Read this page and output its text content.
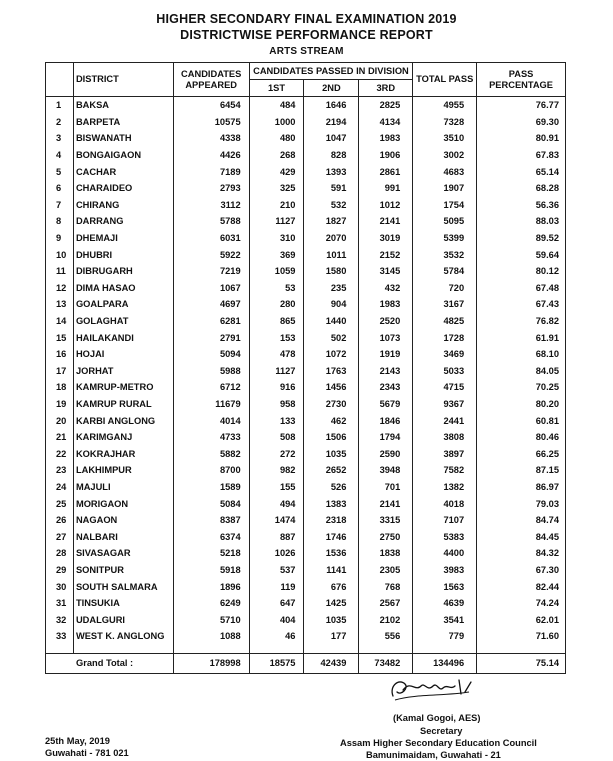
HIGHER SECONDARY FINAL EXAMINATION 2019
DISTRICTWISE PERFORMANCE REPORT
ARTS STREAM
	DISTRICT	CANDIDATES APPEARED	CANDIDATES PASSED IN DIVISION			TOTAL PASS	PASS PERCENTAGE
			1ST	2ND	3RD		
1	BAKSA	6454	484	1646	2825	4955	76.77
2	BARPETA	10575	1000	2194	4134	7328	69.30
3	BISWANATH	4338	480	1047	1983	3510	80.91
4	BONGAIGAON	4426	268	828	1906	3002	67.83
5	CACHAR	7189	429	1393	2861	4683	65.14
6	CHARAIDEO	2793	325	591	991	1907	68.28
7	CHIRANG	3112	210	532	1012	1754	56.36
8	DARRANG	5788	1127	1827	2141	5095	88.03
9	DHEMAJI	6031	310	2070	3019	5399	89.52
10	DHUBRI	5922	369	1011	2152	3532	59.64
11	DIBRUGARH	7219	1059	1580	3145	5784	80.12
12	DIMA HASAO	1067	53	235	432	720	67.48
13	GOALPARA	4697	280	904	1983	3167	67.43
14	GOLAGHAT	6281	865	1440	2520	4825	76.82
15	HAILAKANDI	2791	153	502	1073	1728	61.91
16	HOJAI	5094	478	1072	1919	3469	68.10
17	JORHAT	5988	1127	1763	2143	5033	84.05
18	KAMRUP-METRO	6712	916	1456	2343	4715	70.25
19	KAMRUP RURAL	11679	958	2730	5679	9367	80.20
20	KARBI ANGLONG	4014	133	462	1846	2441	60.81
21	KARIMGANJ	4733	508	1506	1794	3808	80.46
22	KOKRAJHAR	5882	272	1035	2590	3897	66.25
23	LAKHIMPUR	8700	982	2652	3948	7582	87.15
24	MAJULI	1589	155	526	701	1382	86.97
25	MORIGAON	5084	494	1383	2141	4018	79.03
26	NAGAON	8387	1474	2318	3315	7107	84.74
27	NALBARI	6374	887	1746	2750	5383	84.45
28	SIVASAGAR	5218	1026	1536	1838	4400	84.32
29	SONITPUR	5918	537	1141	2305	3983	67.30
30	SOUTH SALMARA	1896	119	676	768	1563	82.44
31	TINSUKIA	6249	647	1425	2567	4639	74.24
32	UDALGURI	5710	404	1035	2102	3541	62.01
33	WEST K. ANGLONG	1088	46	177	556	779	71.60

Grand Total :		178998	18575	42439	73482	134496	75.14
(Kamal Gogoi, AES)
Secretary
Assam Higher Secondary Education Council
Bamunimaidam, Guwahati - 21
25th May, 2019
Guwahati - 781 021
